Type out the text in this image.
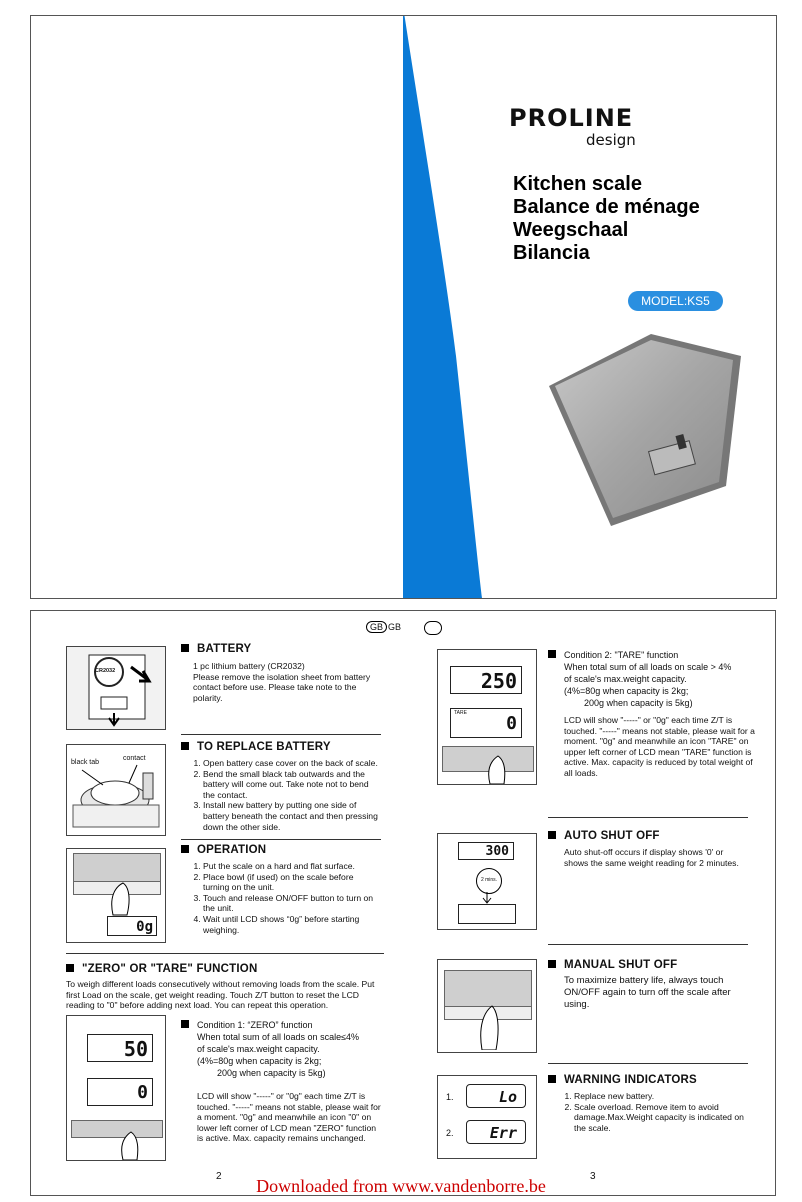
PROLINE
design
Kitchen scale
Balance de ménage
Weegschaal
Bilancia
MODEL:KS5
GB GB
CR2032
BATTERY
1 pc lithium battery (CR2032)
Please remove the isolation sheet from battery contact before use. Please take note to the polarity.
black tab
contact
TO REPLACE BATTERY
1. Open battery case cover on the back of scale.
2. Bend the small black tab outwards and the battery will come out. Take note not to bend the contact.
3. Install new battery by putting one side of battery beneath the contact and then pressing down the other side.
0g
OPERATION
1. Put the scale on a hard and flat surface.
2. Place bowl (if used) on the scale before turning on the unit.
3. Touch and release ON/OFF button to turn on the unit.
4. Wait until LCD shows “0g” before starting weighing.
"ZERO" OR "TARE" FUNCTION
To weigh different loads consecutively without removing loads from the scale. Put first Load on the scale, get weight reading. Touch Z/T button to reset the LCD reading to "0" before adding next load. You can repeat this operation.
50
0
Condition 1: “ZERO” function
When total sum of all loads on scale≤4%
of scale's max.weight capacity.
(4%=80g when capacity is 2kg;
200g when capacity is 5kg)
LCD will show "-----" or "0g" each time Z/T is touched. "-----" means not stable, please wait for a moment. "0g" and meanwhile an icon "0" on lower left corner of LCD mean "ZERO" function is active. Max. capacity remains unchanged.
2
250
0
TARE
Condition 2: "TARE" function
When total sum of all loads on scale > 4%
of scale's max.weight capacity.
(4%=80g when capacity is 2kg;
200g when capacity is 5kg)
LCD will show "-----" or "0g" each time Z/T is touched. "-----" means not stable, please wait for a moment. "0g" and meanwhile an icon "TARE" on upper left corner of LCD mean "TARE" function is active. Max. capacity is reduced by total weight of all loads.
300
2 mins.
AUTO SHUT OFF
Auto shut-off occurs if display shows '0' or shows the same weight reading for 2 minutes.
MANUAL SHUT OFF
To maximize battery life, always touch ON/OFF again to turn off the scale after using.
1.	Lo
2.	Err
WARNING INDICATORS
1. Replace new battery.
2. Scale overload. Remove item to avoid damage.Max.Weight capacity is indicated on the scale.
3
Downloaded from www.vandenborre.be
